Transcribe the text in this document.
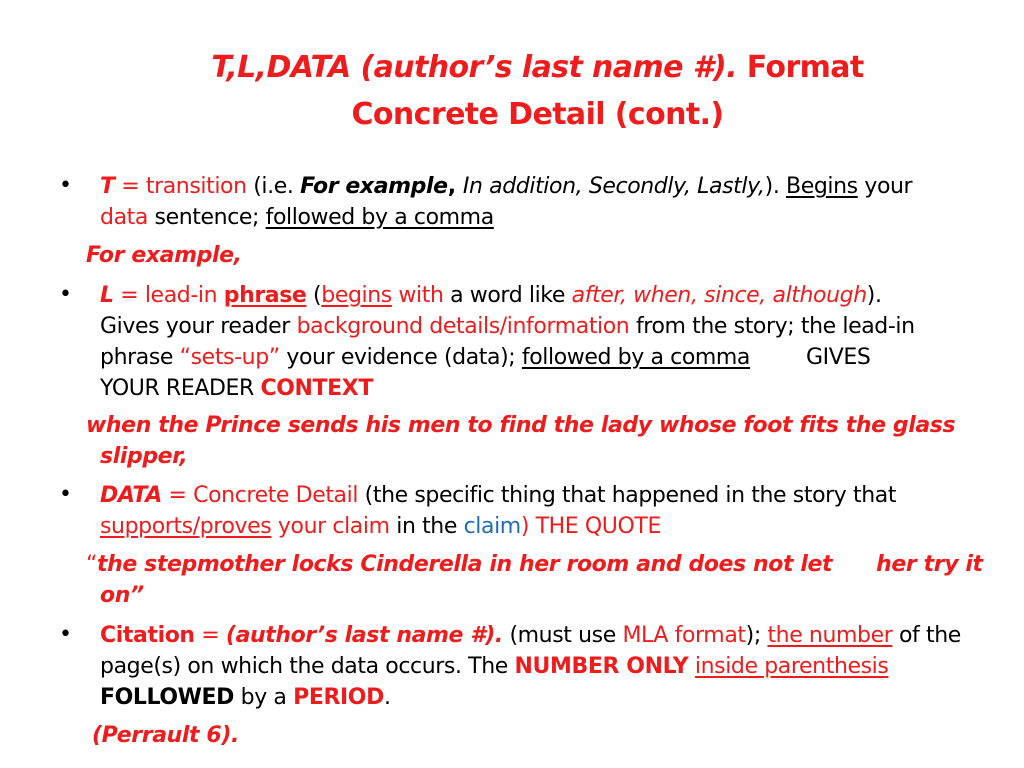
T,L,DATA (author’s last name #). Format
Concrete Detail (cont.)
• T = transition (i.e. For example, In addition, Secondly, Lastly,). Begins your
data sentence; followed by a comma
For example,
• L = lead-in phrase (begins with a word like after, when, since, although).
Gives your reader background details/information from the story; the lead-in
phrase “sets-up” your evidence (data); followed by a comma	GIVES
YOUR READER CONTEXT
when the Prince sends his men to find the lady whose foot fits the glass
slipper,
• DATA = Concrete Detail (the specific thing that happened in the story that
supports/proves your claim in the claim) THE QUOTE
“the stepmother locks Cinderella in her room and does not let her try it
on”
• Citation = (author’s last name #). (must use MLA format); the number of the
page(s) on which the data occurs. The NUMBER ONLY inside parenthesis
FOLLOWED by a PERIOD.
(Perrault 6).
